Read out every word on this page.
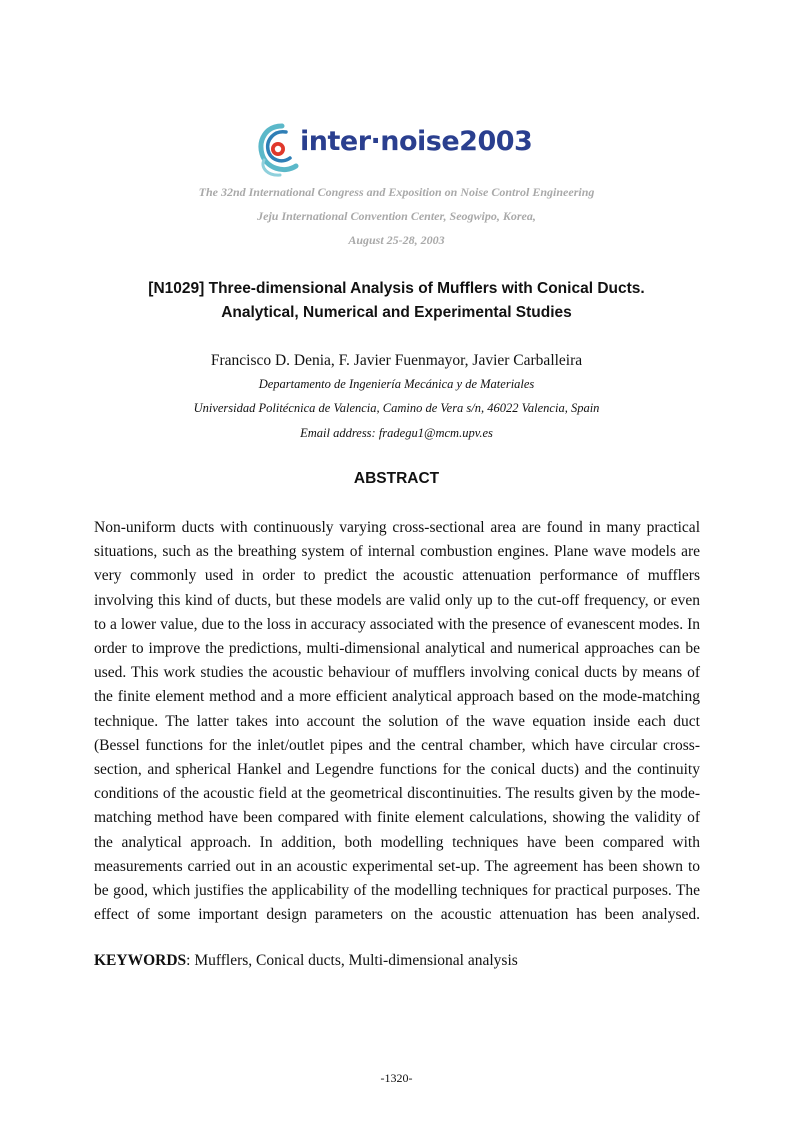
inter·noise2003
The 32nd International Congress and Exposition on Noise Control Engineering
Jeju International Convention Center, Seogwipo, Korea,
August 25-28, 2003
[N1029] Three-dimensional Analysis of Mufflers with Conical Ducts.
Analytical, Numerical and Experimental Studies
Francisco D. Denia, F. Javier Fuenmayor, Javier Carballeira
Departamento de Ingeniería Mecánica y de Materiales
Universidad Politécnica de Valencia, Camino de Vera s/n, 46022 Valencia, Spain
Email address: fradegu1@mcm.upv.es
ABSTRACT

Non-uniform ducts with continuously varying cross-sectional area are found in many practical situations, such as the breathing system of internal combustion engines. Plane wave models are very commonly used in order to predict the acoustic attenuation performance of mufflers involving this kind of ducts, but these models are valid only up to the cut-off frequency, or even to a lower value, due to the loss in accuracy associated with the presence of evanescent modes. In order to improve the predictions, multi-dimensional analytical and numerical approaches can be used. This work studies the acoustic behaviour of mufflers involving conical ducts by means of the finite element method and a more efficient analytical approach based on the mode-matching technique. The latter takes into account the solution of the wave equation inside each duct (Bessel functions for the inlet/outlet pipes and the central chamber, which have circular cross-section, and spherical Hankel and Legendre functions for the conical ducts) and the continuity conditions of the acoustic field at the geometrical discontinuities. The results given by the mode-matching method have been compared with finite element calculations, showing the validity of the analytical approach. In addition, both modelling techniques have been compared with measurements carried out in an acoustic experimental set-up. The agreement has been shown to be good, which justifies the applicability of the modelling techniques for practical purposes. The effect of some important design parameters on the acoustic attenuation has been analysed.

KEYWORDS: Mufflers, Conical ducts, Multi-dimensional analysis
-1320-
